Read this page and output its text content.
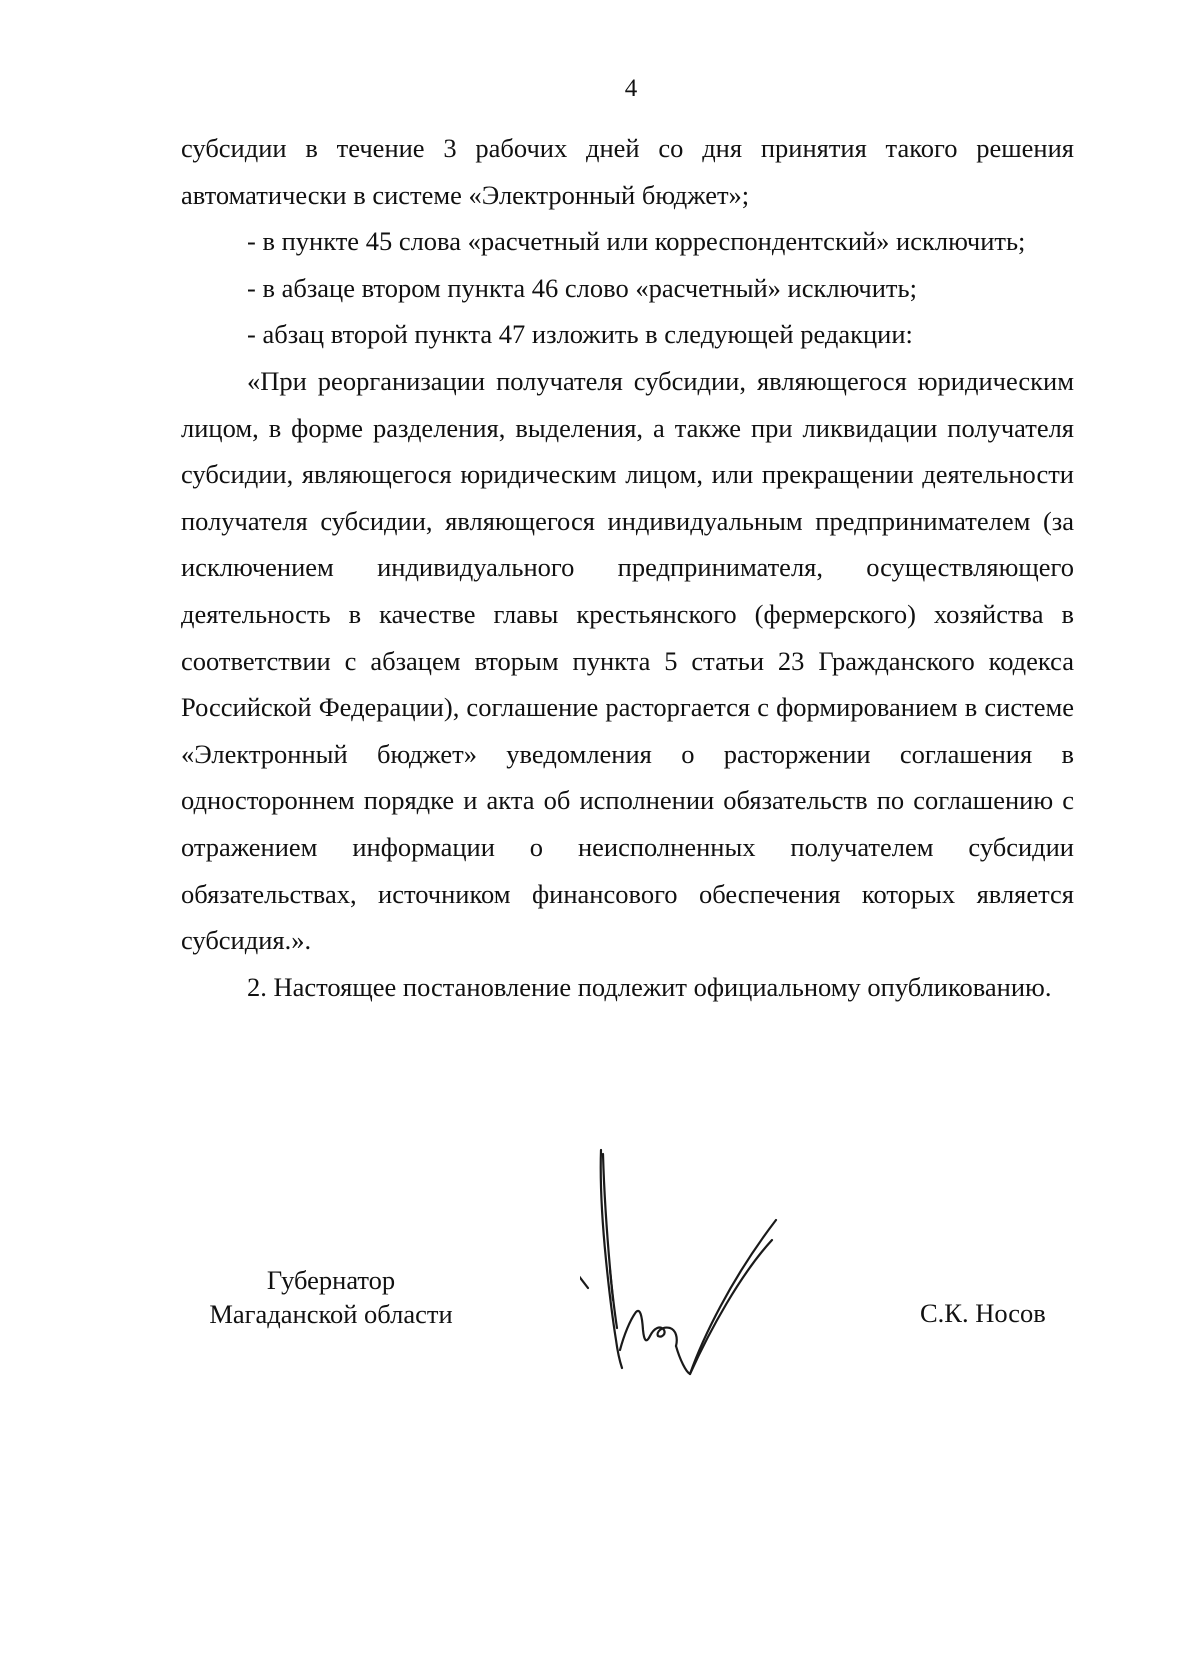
4

субсидии в течение 3 рабочих дней со дня принятия такого решения автоматически в системе «Электронный бюджет»;

- в пункте 45 слова «расчетный или корреспондентский» исключить;

- в абзаце втором пункта 46 слово «расчетный» исключить;

- абзац второй пункта 47 изложить в следующей редакции:

«При реорганизации получателя субсидии, являющегося юридическим лицом, в форме разделения, выделения, а также при ликвидации получателя субсидии, являющегося юридическим лицом, или прекращении деятельности получателя субсидии, являющегося индивидуальным предпринимателем (за исключением индивидуального предпринимателя, осуществляющего деятельность в качестве главы крестьянского (фермерского) хозяйства в соответствии с абзацем вторым пункта 5 статьи 23 Гражданского кодекса Российской Федерации), соглашение расторгается с формированием в системе «Электронный бюджет» уведомления о расторжении соглашения в одностороннем порядке и акта об исполнении обязательств по соглашению с отражением информации о неисполненных получателем субсидии обязательствах, источником финансового обеспечения которых является субсидия.».

2. Настоящее постановление подлежит официальному опубликованию.

Губернатор
Магаданской области	С.К. Носов
